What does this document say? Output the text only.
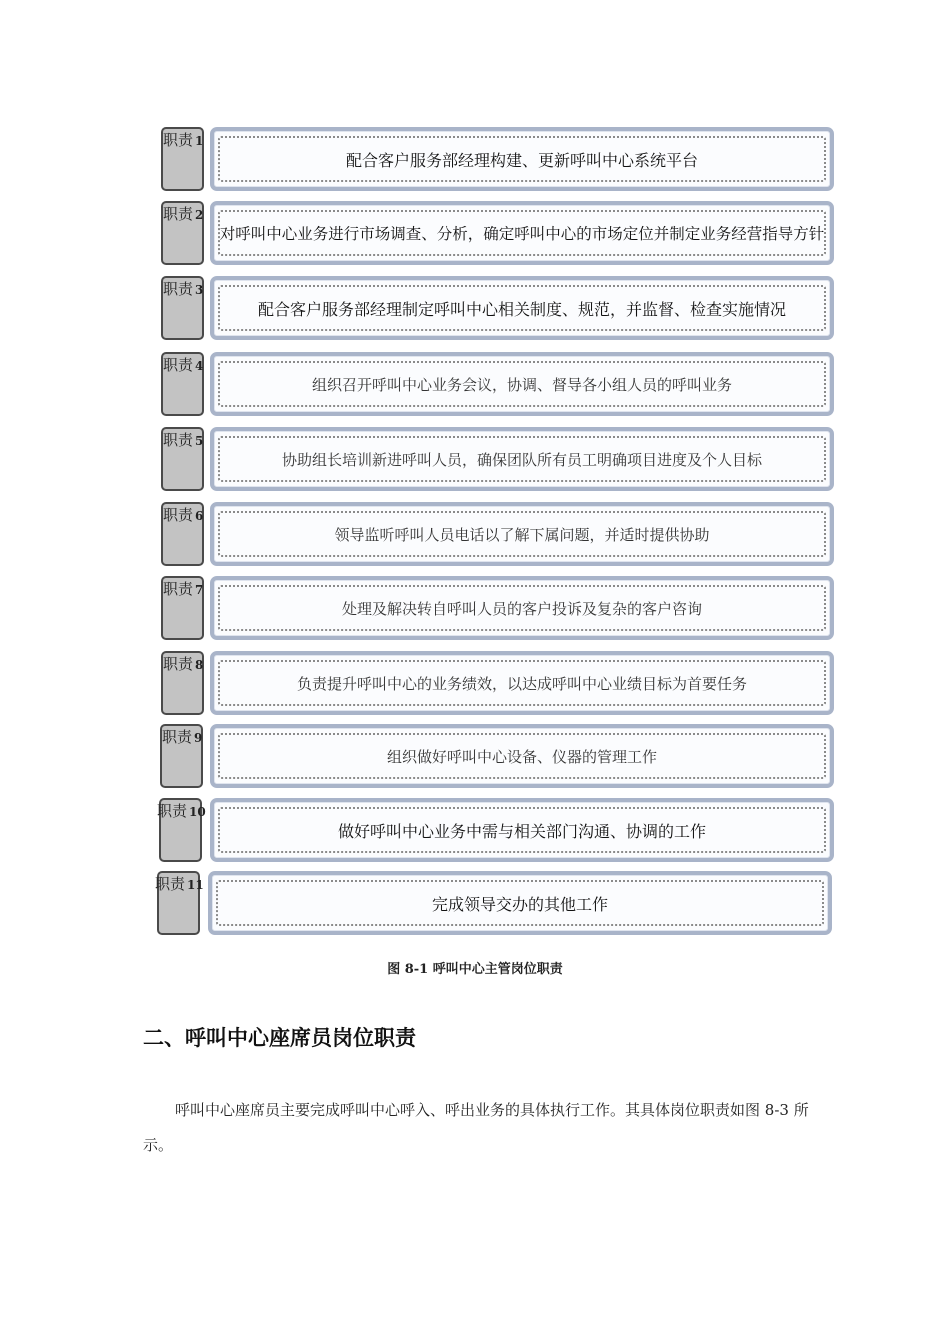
职责 1
配合客户服务部经理构建、更新呼叫中心系统平台
职责 2
对呼叫中心业务进行市场调查、分析，确定呼叫中心的市场定位并制定业务经营指导方针
职责 3
配合客户服务部经理制定呼叫中心相关制度、规范，并监督、检查实施情况
职责 4
组织召开呼叫中心业务会议，协调、督导各小组人员的呼叫业务
职责 5
协助组长培训新进呼叫人员，确保团队所有员工明确项目进度及个人目标
职责 6
领导监听呼叫人员电话以了解下属问题，并适时提供协助
职责 7
处理及解决转自呼叫人员的客户投诉及复杂的客户咨询
职责 8
负责提升呼叫中心的业务绩效，以达成呼叫中心业绩目标为首要任务
职责 9
组织做好呼叫中心设备、仪器的管理工作
职责 10
做好呼叫中心业务中需与相关部门沟通、协调的工作
职责 11
完成领导交办的其他工作
图 8-1 呼叫中心主管岗位职责
二、呼叫中心座席员岗位职责
呼叫中心座席员主要完成呼叫中心呼入、呼出业务的具体执行工作。其具体岗位职责如图 8-3 所示。
